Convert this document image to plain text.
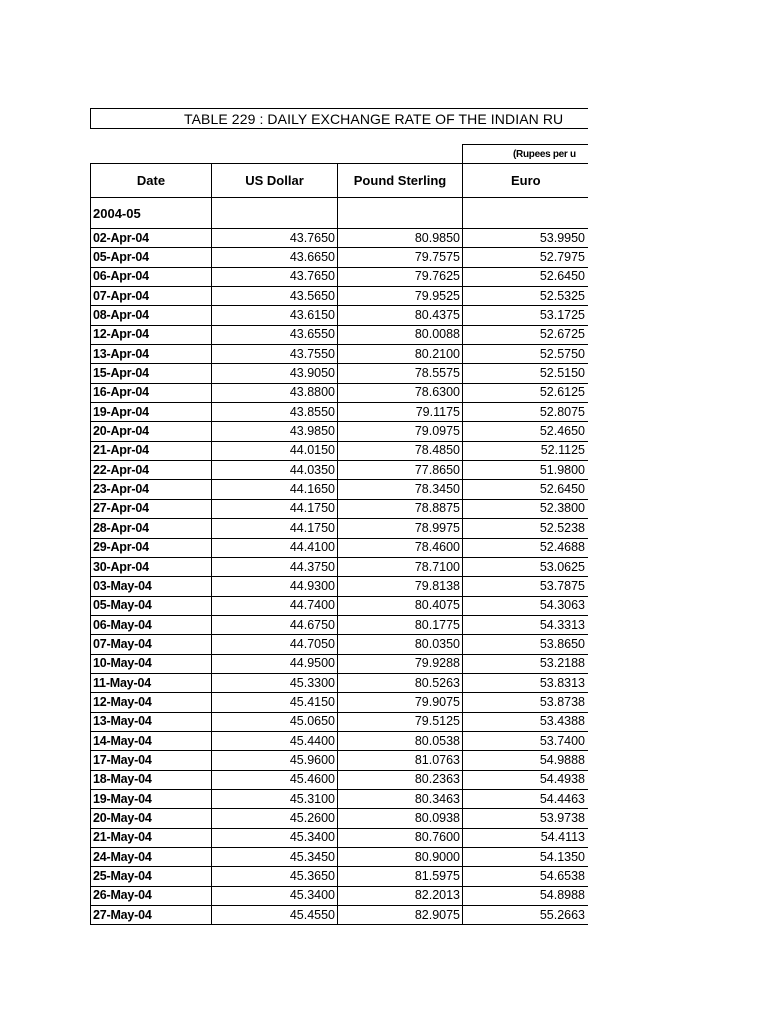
TABLE 229 : DAILY EXCHANGE RATE OF THE INDIAN RU
(Rupees per u
Date	US Dollar	Pound Sterling	Euro
2004-05			
02-Apr-04	43.7650	80.9850	53.9950
05-Apr-04	43.6650	79.7575	52.7975
06-Apr-04	43.7650	79.7625	52.6450
07-Apr-04	43.5650	79.9525	52.5325
08-Apr-04	43.6150	80.4375	53.1725
12-Apr-04	43.6550	80.0088	52.6725
13-Apr-04	43.7550	80.2100	52.5750
15-Apr-04	43.9050	78.5575	52.5150
16-Apr-04	43.8800	78.6300	52.6125
19-Apr-04	43.8550	79.1175	52.8075
20-Apr-04	43.9850	79.0975	52.4650
21-Apr-04	44.0150	78.4850	52.1125
22-Apr-04	44.0350	77.8650	51.9800
23-Apr-04	44.1650	78.3450	52.6450
27-Apr-04	44.1750	78.8875	52.3800
28-Apr-04	44.1750	78.9975	52.5238
29-Apr-04	44.4100	78.4600	52.4688
30-Apr-04	44.3750	78.7100	53.0625
03-May-04	44.9300	79.8138	53.7875
05-May-04	44.7400	80.4075	54.3063
06-May-04	44.6750	80.1775	54.3313
07-May-04	44.7050	80.0350	53.8650
10-May-04	44.9500	79.9288	53.2188
11-May-04	45.3300	80.5263	53.8313
12-May-04	45.4150	79.9075	53.8738
13-May-04	45.0650	79.5125	53.4388
14-May-04	45.4400	80.0538	53.7400
17-May-04	45.9600	81.0763	54.9888
18-May-04	45.4600	80.2363	54.4938
19-May-04	45.3100	80.3463	54.4463
20-May-04	45.2600	80.0938	53.9738
21-May-04	45.3400	80.7600	54.4113
24-May-04	45.3450	80.9000	54.1350
25-May-04	45.3650	81.5975	54.6538
26-May-04	45.3400	82.2013	54.8988
27-May-04	45.4550	82.9075	55.2663
